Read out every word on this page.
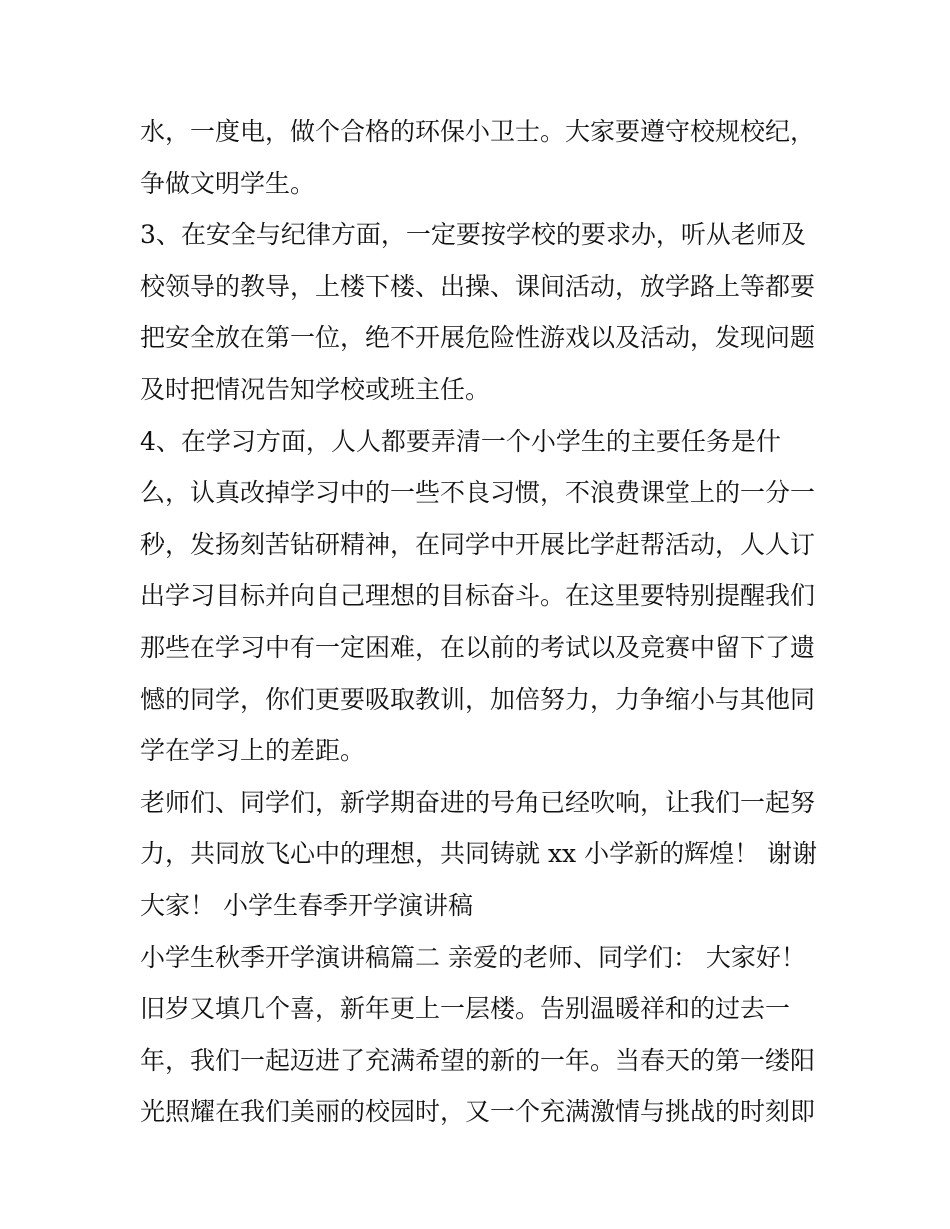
水，一度电，做个合格的环保小卫士。大家要遵守校规校纪，
争做文明学生。
3、在安全与纪律方面，一定要按学校的要求办，听从老师及
校领导的教导，上楼下楼、出操、课间活动，放学路上等都要
把安全放在第一位，绝不开展危险性游戏以及活动，发现问题
及时把情况告知学校或班主任。
4、在学习方面，人人都要弄清一个小学生的主要任务是什
么，认真改掉学习中的一些不良习惯，不浪费课堂上的一分一
秒，发扬刻苦钻研精神，在同学中开展比学赶帮活动，人人订
出学习目标并向自己理想的目标奋斗。在这里要特别提醒我们
那些在学习中有一定困难，在以前的考试以及竞赛中留下了遗
憾的同学，你们更要吸取教训，加倍努力，力争缩小与其他同
学在学习上的差距。
老师们、同学们，新学期奋进的号角已经吹响，让我们一起努
力，共同放飞心中的理想，共同铸就 xx 小学新的辉煌！ 谢谢
大家！ 小学生春季开学演讲稿
小学生秋季开学演讲稿篇二 亲爱的老师、同学们： 大家好！
旧岁又填几个喜，新年更上一层楼。告别温暖祥和的过去一
年，我们一起迈进了充满希望的新的一年。当春天的第一缕阳
光照耀在我们美丽的校园时，又一个充满激情与挑战的时刻即
